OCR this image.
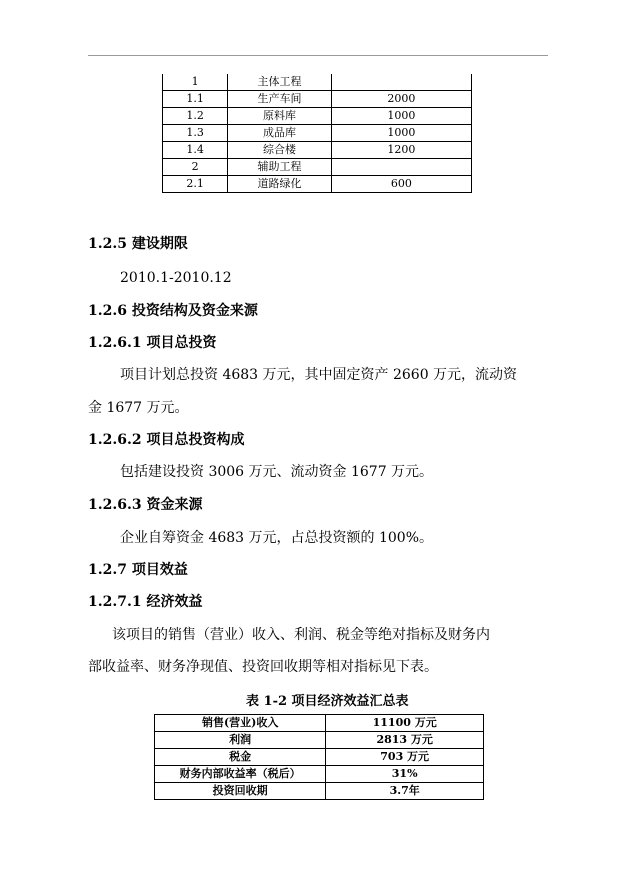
1	主体工程	
1.1	生产车间	2000
1.2	原料库	1000
1.3	成品库	1000
1.4	综合楼	1200
2	辅助工程	
2.1	道路绿化	600
1.2.5 建设期限
2010.1-2010.12
1.2.6 投资结构及资金来源
1.2.6.1 项目总投资
项目计划总投资 4683 万元，其中固定资产 2660 万元，流动资
金 1677 万元。
1.2.6.2 项目总投资构成
包括建设投资 3006 万元、流动资金 1677 万元。
1.2.6.3 资金来源
企业自筹资金 4683 万元，占总投资额的 100%。
1.2.7 项目效益
1.2.7.1 经济效益
该项目的销售（营业）收入、利润、税金等绝对指标及财务内
部收益率、财务净现值、投资回收期等相对指标见下表。
表 1-2 项目经济效益汇总表
销售(营业)收入	11100 万元
利润	2813 万元
税金	703 万元
财务内部收益率（税后）	31%
投资回收期	3.7年
